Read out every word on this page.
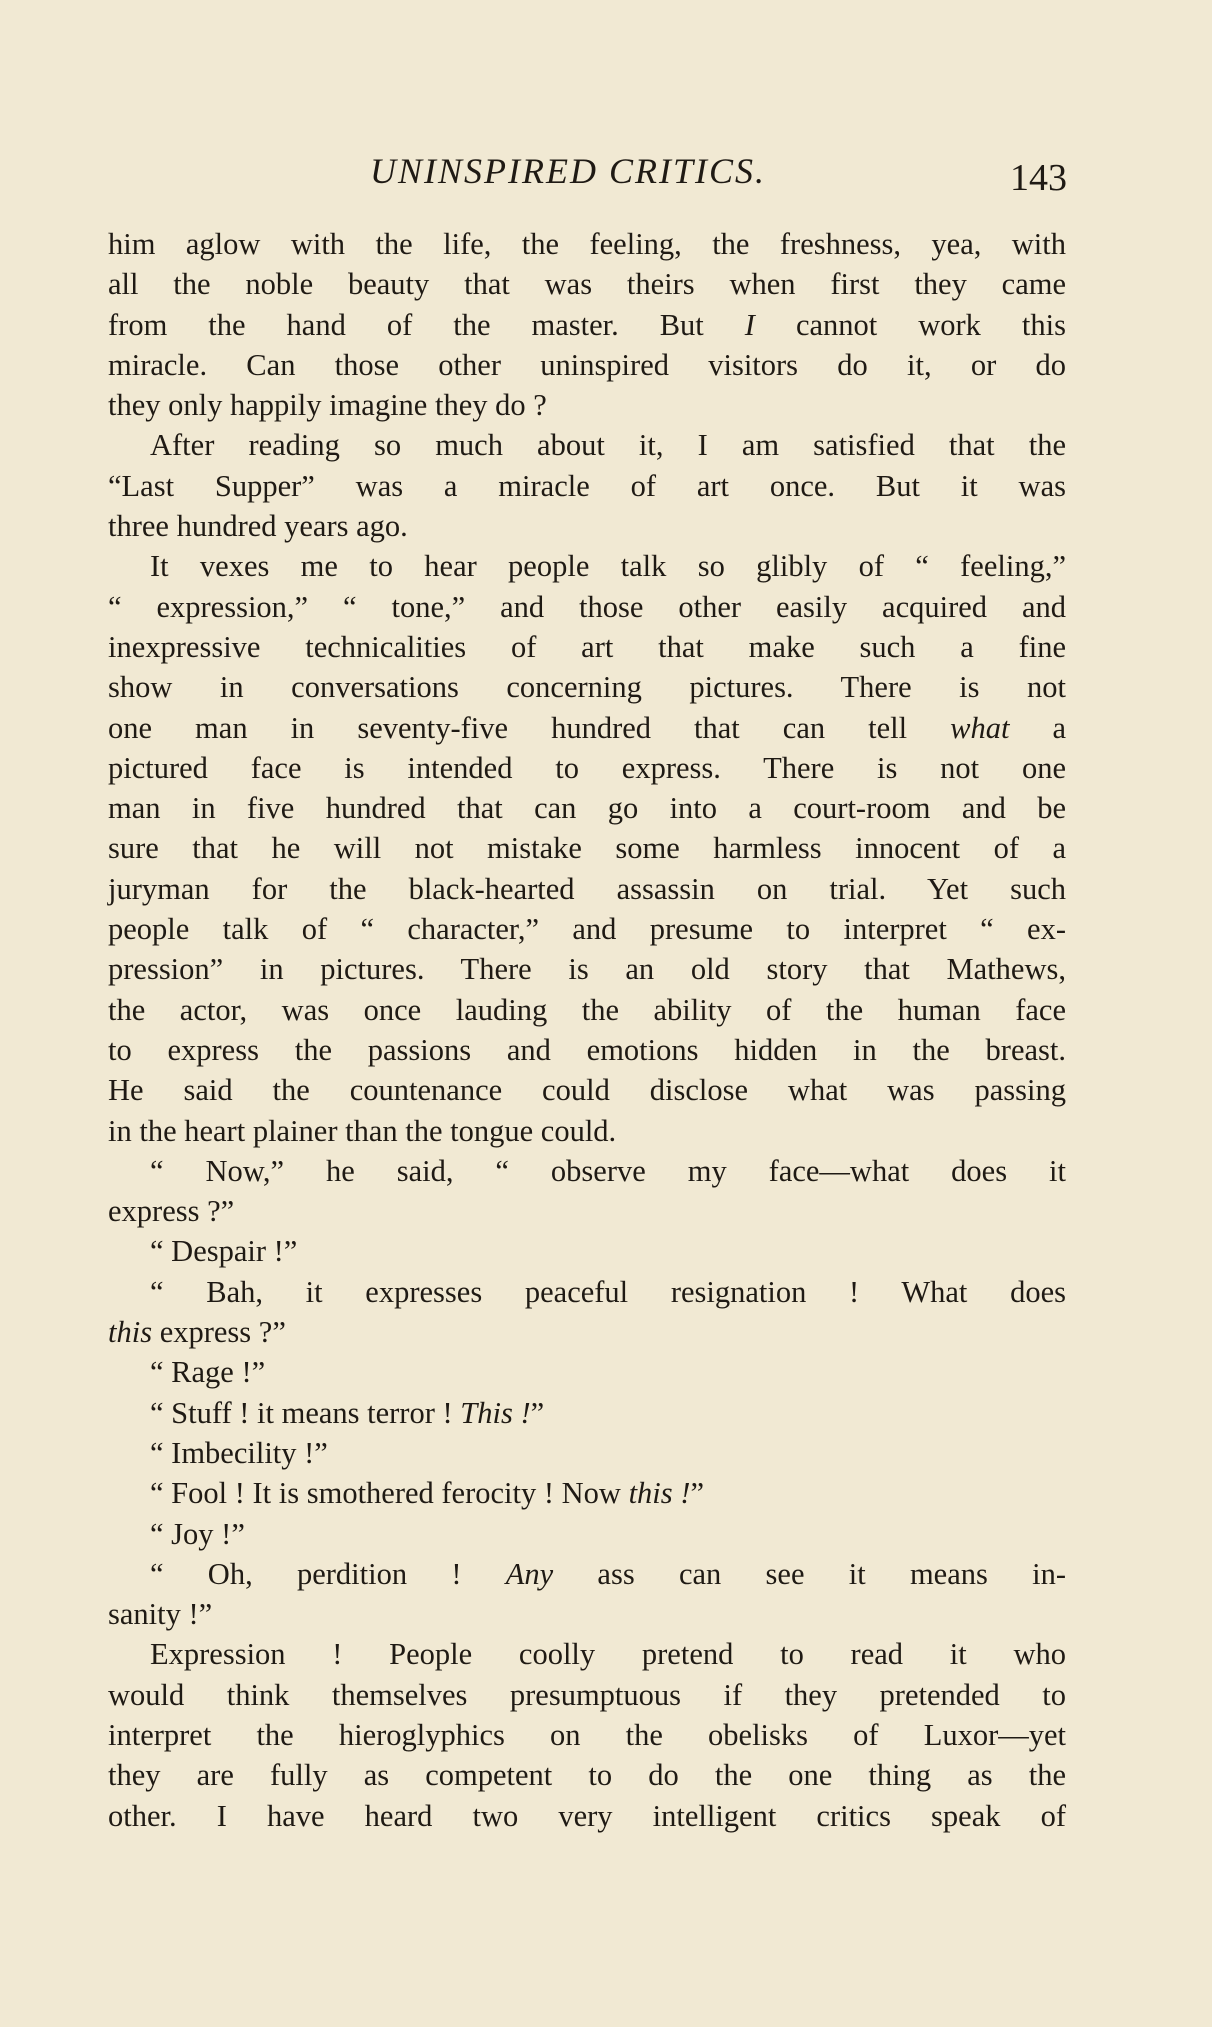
UNINSPIRED CRITICS.	143
him aglow with the life, the feeling, the freshness, yea, with
all the noble beauty that was theirs when first they came
from the hand of the master. But I cannot work this
miracle. Can those other uninspired visitors do it, or do
they only happily imagine they do ?
After reading so much about it, I am satisfied that the
“Last Supper” was a miracle of art once. But it was
three hundred years ago.
It vexes me to hear people talk so glibly of “ feeling,”
“ expression,” “ tone,” and those other easily acquired and
inexpressive technicalities of art that make such a fine
show in conversations concerning pictures. There is not
one man in seventy-five hundred that can tell what a
pictured face is intended to express. There is not one
man in five hundred that can go into a court-room and be
sure that he will not mistake some harmless innocent of a
juryman for the black-hearted assassin on trial. Yet such
people talk of “ character,” and presume to interpret “ ex-
pression” in pictures. There is an old story that Mathews,
the actor, was once lauding the ability of the human face
to express the passions and emotions hidden in the breast.
He said the countenance could disclose what was passing
in the heart plainer than the tongue could.
“ Now,” he said, “ observe my face—what does it
express ?”
“ Despair !”
“ Bah, it expresses peaceful resignation ! What does
this express ?”
“ Rage !”
“ Stuff ! it means terror ! This !”
“ Imbecility !”
“ Fool ! It is smothered ferocity ! Now this !”
“ Joy !”
“ Oh, perdition ! Any ass can see it means in-
sanity !”
Expression ! People coolly pretend to read it who
would think themselves presumptuous if they pretended to
interpret the hieroglyphics on the obelisks of Luxor—yet
they are fully as competent to do the one thing as the
other. I have heard two very intelligent critics speak of
